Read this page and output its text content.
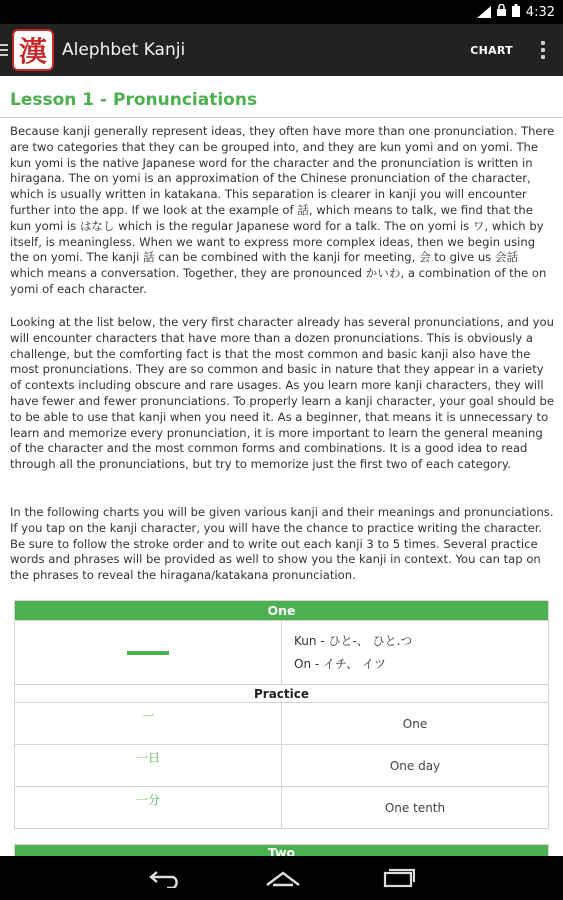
4:32
漢 Alephbet Kanji	CHART
Lesson 1 - Pronunciations

Because kanji generally represent ideas, they often have more than one pronunciation. There are two categories that they can be grouped into, and they are kun yomi and on yomi. The kun yomi is the native Japanese word for the character and the pronunciation is written in hiragana. The on yomi is an approximation of the Chinese pronunciation of the character, which is usually written in katakana. This separation is clearer in kanji you will encounter further into the app. If we look at the example of 話, which means to talk, we find that the kun yomi is はなし which is the regular Japanese word for a talk. The on yomi is ワ, which by itself, is meaningless. When we want to express more complex ideas, then we begin using the on yomi. The kanji 話 can be combined with the kanji for meeting, 会 to give us 会話 which means a conversation. Together, they are pronounced かいわ, a combination of the on yomi of each character.

Looking at the list below, the very first character already has several pronunciations, and you will encounter characters that have more than a dozen pronunciations. This is obviously a challenge, but the comforting fact is that the most common and basic kanji also have the most pronunciations. They are so common and basic in nature that they appear in a variety of contexts including obscure and rare usages. As you learn more kanji characters, they will have fewer and fewer pronunciations. To properly learn a kanji character, your goal should be to be able to use that kanji when you need it. As a beginner, that means it is unnecessary to learn and memorize every pronunciation, it is more important to learn the general meaning of the character and the most common forms and combinations. It is a good idea to read through all the pronunciations, but try to memorize just the first two of each category.

In the following charts you will be given various kanji and their meanings and pronunciations. If you tap on the kanji character, you will have the chance to practice writing the character. Be sure to follow the stroke order and to write out each kanji 3 to 5 times. Several practice words and phrases will be provided as well to show you the kanji in context. You can tap on the phrases to reveal the hiragana/katakana pronunciation.

One	

	Kun - ひと-、 ひと.つ
On - イチ、 イツ

Practice	
一	One
一日	One day
一分	One tenth
Two
